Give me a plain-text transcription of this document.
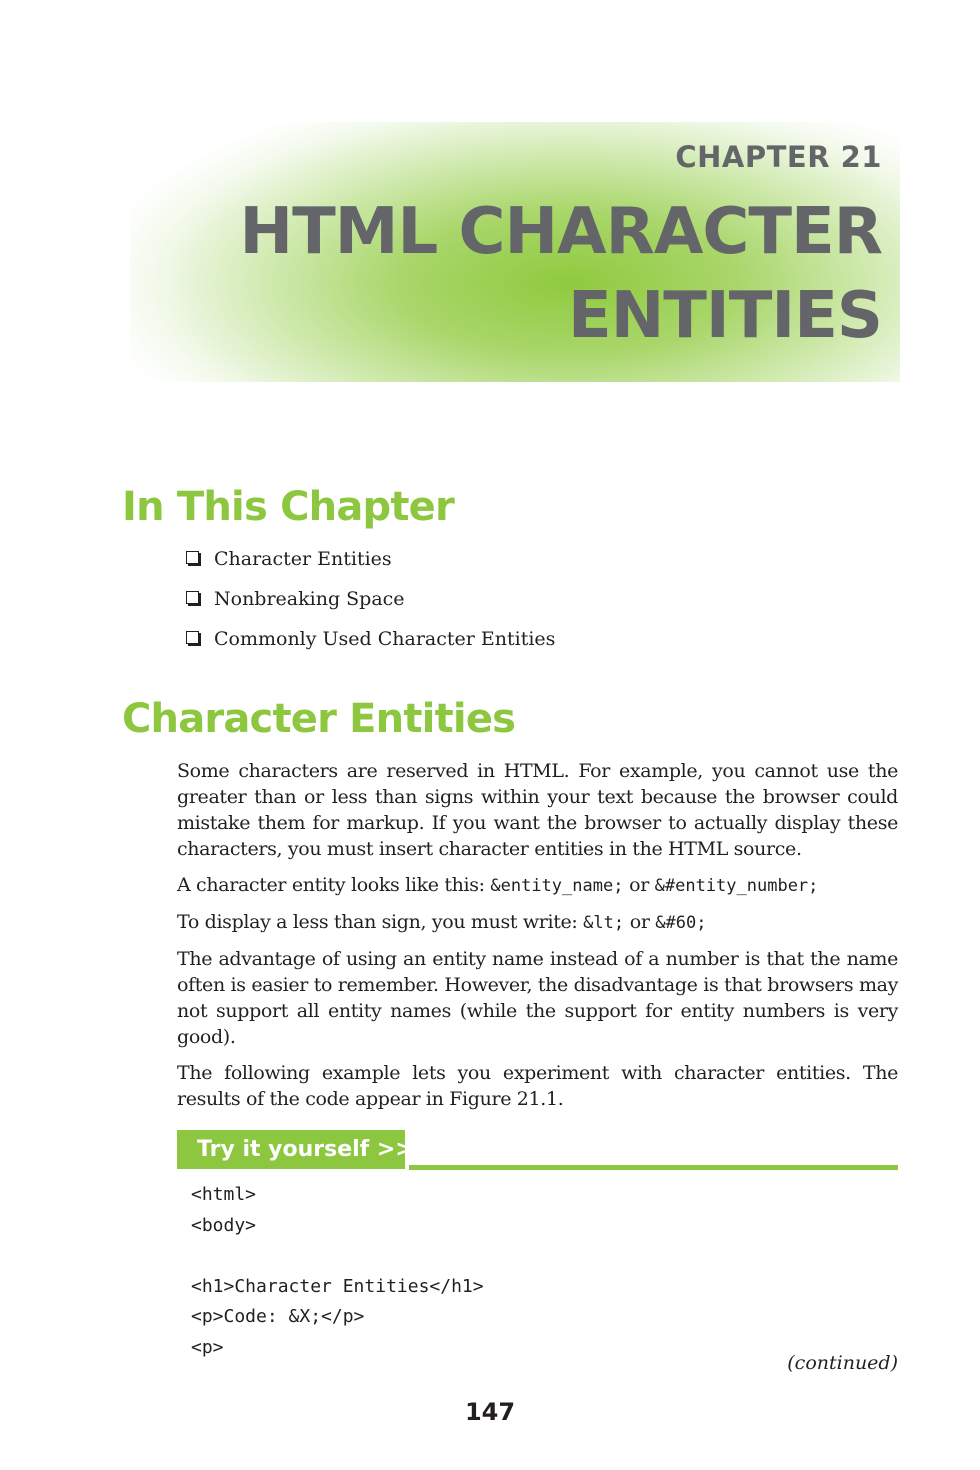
CHAPTER 21
HTML CHARACTER ENTITIES
In This Chapter
Character Entities
Nonbreaking Space
Commonly Used Character Entities
Character Entities

Some characters are reserved in HTML. For example, you cannot use the greater than or less than signs within your text because the browser could mistake them for markup. If you want the browser to actually display these characters, you must insert character entities in the HTML source.

A character entity looks like this: &entity_name; or &#entity_number;

To display a less than sign, you must write: &lt; or &#60;

The advantage of using an entity name instead of a number is that the name often is easier to remember. However, the disadvantage is that browsers may not support all entity names (while the support for entity numbers is very good).

The following example lets you experiment with character entities. The results of the code appear in Figure 21.1.

Try it yourself >>
<html>
<body>
<h1>Character Entities</h1>
<p>Code: &X;</p>
<p>
(continued)
147
